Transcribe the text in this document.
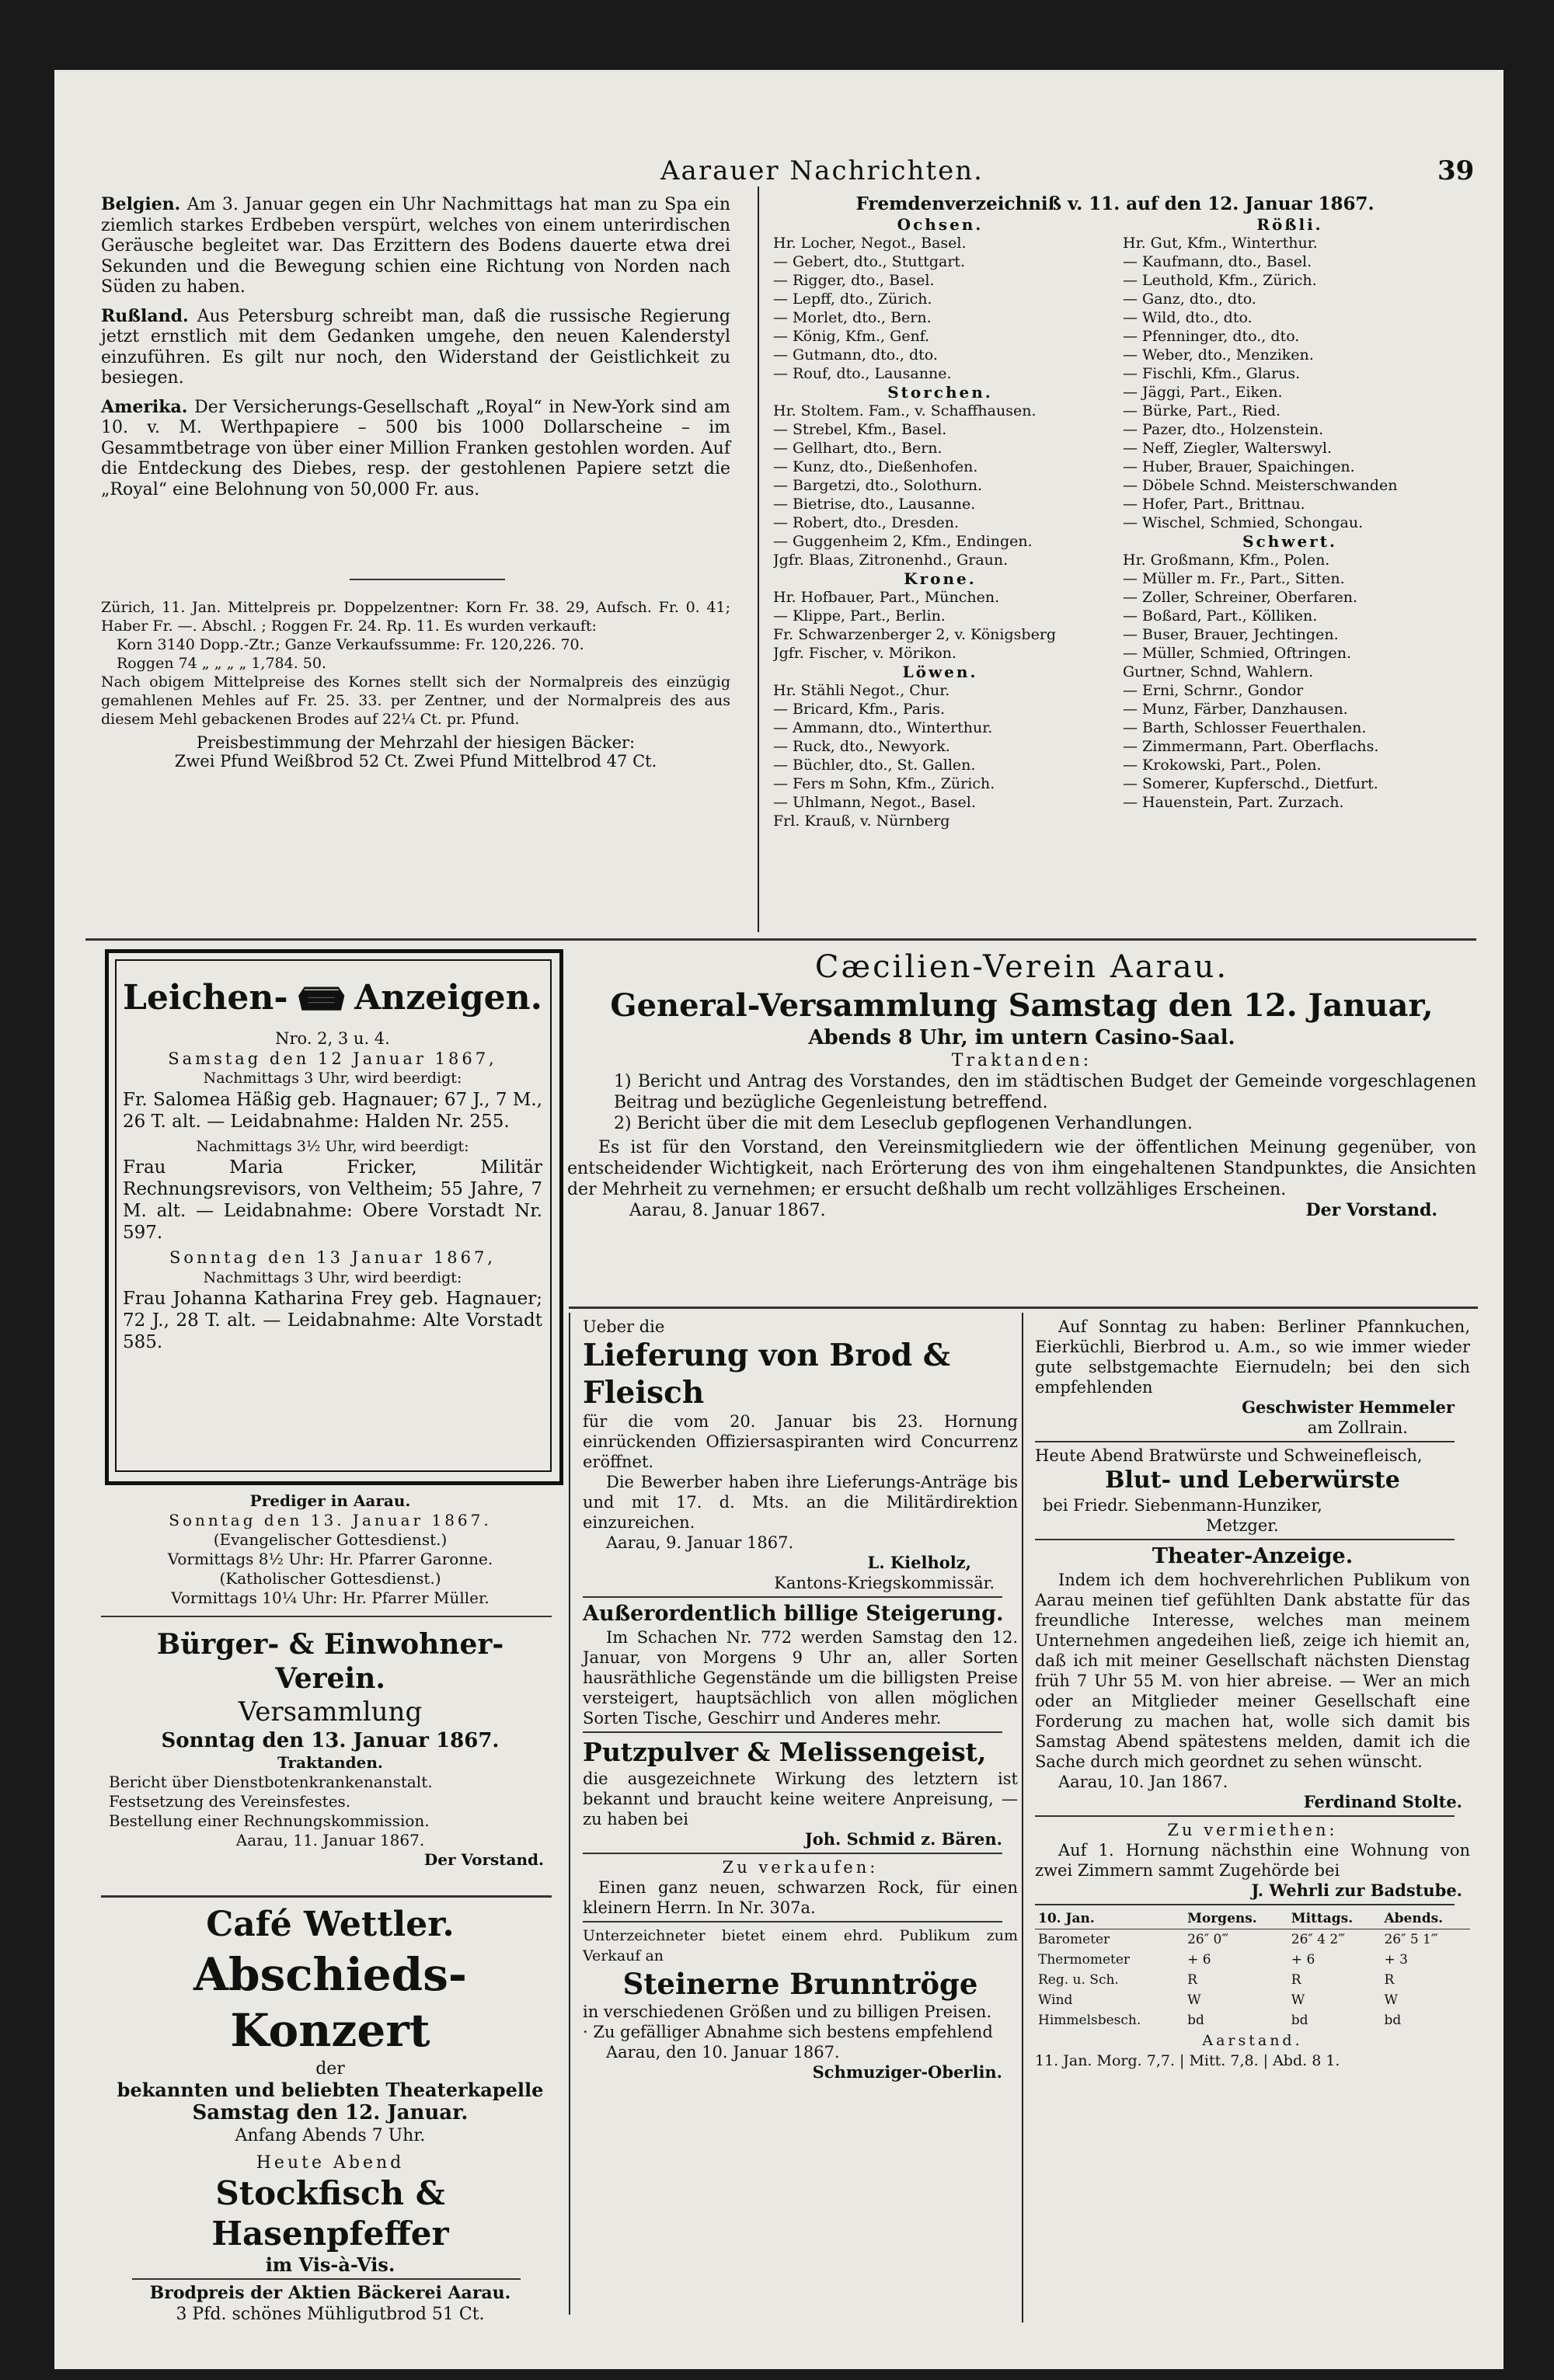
Aarauer Nachrichten.	39

Belgien. Am 3. Januar gegen ein Uhr Nachmittags hat man zu Spa ein ziemlich starkes Erdbeben verspürt, welches von einem unterirdischen Geräusche begleitet war. Das Erzittern des Bodens dauerte etwa drei Sekunden und die Bewegung schien eine Richtung von Norden nach Süden zu haben.

Rußland. Aus Petersburg schreibt man, daß die russische Regierung jetzt ernstlich mit dem Gedanken umgehe, den neuen Kalenderstyl einzuführen. Es gilt nur noch, den Widerstand der Geistlichkeit zu besiegen.

Amerika. Der Versicherungs-Gesellschaft „Royal“ in New-York sind am 10. v. M. Werthpapiere – 500 bis 1000 Dollarscheine – im Gesammtbetrage von über einer Million Franken gestohlen worden. Auf die Entdeckung des Diebes, resp. der gestohlenen Papiere setzt die „Royal“ eine Belohnung von 50,000 Fr. aus.

Zürich, 11. Jan. Mittelpreis pr. Doppelzentner: Korn Fr. 38. 29, Aufsch. Fr. 0. 41; Haber Fr. —. Abschl. ; Roggen Fr. 24. Rp. 11. Es wurden verkauft:

Korn 3140 Dopp.-Ztr.; Ganze Verkaufssumme: Fr. 120,226. 70.

Roggen 74 „ „ „ „ 1,784. 50.

Nach obigem Mittelpreise des Kornes stellt sich der Normalpreis des einzügig gemahlenen Mehles auf Fr. 25. 33. per Zentner, und der Normalpreis des aus diesem Mehl gebackenen Brodes auf 22¼ Ct. pr. Pfund.

Preisbestimmung der Mehrzahl der hiesigen Bäcker:

Zwei Pfund Weißbrod 52 Ct. Zwei Pfund Mittelbrod 47 Ct.

Fremdenverzeichniß v. 11. auf den 12. Januar 1867.

Ochsen.
Hr. Locher, Negot., Basel.
— Gebert, dto., Stuttgart.
— Rigger, dto., Basel.
— Lepff, dto., Zürich.
— Morlet, dto., Bern.
— König, Kfm., Genf.
— Gutmann, dto., dto.
— Rouf, dto., Lausanne.
Storchen.
Hr. Stoltem. Fam., v. Schaffhausen.
— Strebel, Kfm., Basel.
— Gellhart, dto., Bern.
— Kunz, dto., Dießenhofen.
— Bargetzi, dto., Solothurn.
— Bietrise, dto., Lausanne.
— Robert, dto., Dresden.
— Guggenheim 2, Kfm., Endingen.
Jgfr. Blaas, Zitronenhd., Graun.
Krone.
Hr. Hofbauer, Part., München.
— Klippe, Part., Berlin.
Fr. Schwarzenberger 2, v. Königsberg
Jgfr. Fischer, v. Mörikon.
Löwen.
Hr. Stähli Negot., Chur.
— Bricard, Kfm., Paris.
— Ammann, dto., Winterthur.
— Ruck, dto., Newyork.
— Büchler, dto., St. Gallen.
— Fers m Sohn, Kfm., Zürich.
— Uhlmann, Negot., Basel.
Frl. Krauß, v. Nürnberg
Rößli.
Hr. Gut, Kfm., Winterthur.
— Kaufmann, dto., Basel.
— Leuthold, Kfm., Zürich.
— Ganz, dto., dto.
— Wild, dto., dto.
— Pfenninger, dto., dto.
— Weber, dto., Menziken.
— Fischli, Kfm., Glarus.
— Jäggi, Part., Eiken.
— Bürke, Part., Ried.
— Pazer, dto., Holzenstein.
— Neff, Ziegler, Walterswyl.
— Huber, Brauer, Spaichingen.
— Döbele Schnd. Meisterschwanden
— Hofer, Part., Brittnau.
— Wischel, Schmied, Schongau.
Schwert.
Hr. Großmann, Kfm., Polen.
— Müller m. Fr., Part., Sitten.
— Zoller, Schreiner, Oberfaren.
— Boßard, Part., Kölliken.
— Buser, Brauer, Jechtingen.
— Müller, Schmied, Oftringen.
Gurtner, Schnd, Wahlern.
— Erni, Schrnr., Gondor
— Munz, Färber, Danzhausen.
— Barth, Schlosser Feuerthalen.
— Zimmermann, Part. Oberflachs.
— Krokowski, Part., Polen.
— Somerer, Kupferschd., Dietfurt.
— Hauenstein, Part. Zurzach.
Leichen- Anzeigen.

Nro. 2, 3 u. 4.

Samstag den 12 Januar 1867,

Nachmittags 3 Uhr, wird beerdigt:

Fr. Salomea Häßig geb. Hagnauer; 67 J., 7 M., 26 T. alt. — Leidabnahme: Halden Nr. 255.

Nachmittags 3½ Uhr, wird beerdigt:

Frau Maria Fricker, Militär Rechnungsrevisors, von Veltheim; 55 Jahre, 7 M. alt. — Leidabnahme: Obere Vorstadt Nr. 597.

Sonntag den 13 Januar 1867,

Nachmittags 3 Uhr, wird beerdigt:

Frau Johanna Katharina Frey geb. Hagnauer; 72 J., 28 T. alt. — Leidabnahme: Alte Vorstadt 585.

Prediger in Aarau.

Sonntag den 13. Januar 1867.

(Evangelischer Gottesdienst.)

Vormittags 8½ Uhr: Hr. Pfarrer Garonne.

(Katholischer Gottesdienst.)

Vormittags 10¼ Uhr: Hr. Pfarrer Müller.

Bürger- & Einwohner-Verein.

Versammlung

Sonntag den 13. Januar 1867.

Traktanden.

Bericht über Dienstbotenkrankenanstalt.

Festsetzung des Vereinsfestes.

Bestellung einer Rechnungskommission.

Aarau, 11. Januar 1867.

Der Vorstand.

Café Wettler.

Abschieds-Konzert

der

bekannten und beliebten Theaterkapelle

Samstag den 12. Januar.

Anfang Abends 7 Uhr.

Heute Abend

Stockfisch & Hasenpfeffer

im Vis-à-Vis.

Brodpreis der Aktien Bäckerei Aarau.

3 Pfd. schönes Mühligutbrod 51 Ct.

Cæcilien-Verein Aarau.

General-Versammlung Samstag den 12. Januar,

Abends 8 Uhr, im untern Casino-Saal.

Traktanden:

1) Bericht und Antrag des Vorstandes, den im städtischen Budget der Gemeinde vorgeschlagenen Beitrag und bezügliche Gegenleistung betreffend.

2) Bericht über die mit dem Leseclub gepflogenen Verhandlungen.

Es ist für den Vorstand, den Vereinsmitgliedern wie der öffentlichen Meinung gegenüber, von entscheidender Wichtigkeit, nach Erörterung des von ihm eingehaltenen Standpunktes, die Ansichten der Mehrheit zu vernehmen; er ersucht deßhalb um recht vollzähliges Erscheinen.

Aarau, 8. Januar 1867.	Der Vorstand.

Ueber die

Lieferung von Brod & Fleisch

für die vom 20. Januar bis 23. Hornung einrückenden Offiziersaspiranten wird Concurrenz eröffnet.

Die Bewerber haben ihre Lieferungs-Anträge bis und mit 17. d. Mts. an die Militärdirektion einzureichen.

Aarau, 9. Januar 1867.

L. Kielholz,

Kantons-Kriegskommissär.

Außerordentlich billige Steigerung.

Im Schachen Nr. 772 werden Samstag den 12. Januar, von Morgens 9 Uhr an, aller Sorten hausräthliche Gegenstände um die billigsten Preise versteigert, hauptsächlich von allen möglichen Sorten Tische, Geschirr und Anderes mehr.

Putzpulver & Melissengeist,

die ausgezeichnete Wirkung des letztern ist bekannt und braucht keine weitere Anpreisung, — zu haben bei

Joh. Schmid z. Bären.

Zu verkaufen:

Einen ganz neuen, schwarzen Rock, für einen kleinern Herrn. In Nr. 307a.

Unterzeichneter bietet einem ehrd. Publikum zum Verkauf an

Steinerne Brunntröge

in verschiedenen Größen und zu billigen Preisen.

· Zu gefälliger Abnahme sich bestens empfehlend

Aarau, den 10. Januar 1867.

Schmuziger-Oberlin.

Auf Sonntag zu haben: Berliner Pfannkuchen, Eierküchli, Bierbrod u. A.m., so wie immer wieder gute selbstgemachte Eiernudeln; bei den sich empfehlenden

Geschwister Hemmeler

am Zollrain.

Heute Abend Bratwürste und Schweinefleisch,

Blut- und Leberwürste

bei Friedr. Siebenmann-Hunziker,

Metzger.

Theater-Anzeige.

Indem ich dem hochverehrlichen Publikum von Aarau meinen tief gefühlten Dank abstatte für das freundliche Interesse, welches man meinem Unternehmen angedeihen ließ, zeige ich hiemit an, daß ich mit meiner Gesellschaft nächsten Dienstag früh 7 Uhr 55 M. von hier abreise. — Wer an mich oder an Mitglieder meiner Gesellschaft eine Forderung zu machen hat, wolle sich damit bis Samstag Abend spätestens melden, damit ich die Sache durch mich geordnet zu sehen wünscht.

Aarau, 10. Jan 1867.

Ferdinand Stolte.

Zu vermiethen:

Auf 1. Hornung nächsthin eine Wohnung von zwei Zimmern sammt Zugehörde bei

J. Wehrli zur Badstube.

10. Jan.	Morgens.	Mittags.	Abends.
Barometer	26″ 0‴	26″ 4 2‴	26″ 5 1‴
Thermometer	+ 6	+ 6	+ 3
Reg. u. Sch.	R	R	R
Wind	W	W	W
Himmelsbesch.	bd	bd	bd

Aarstand.

11. Jan. Morg. 7,7. | Mitt. 7,8. | Abd. 8 1.
